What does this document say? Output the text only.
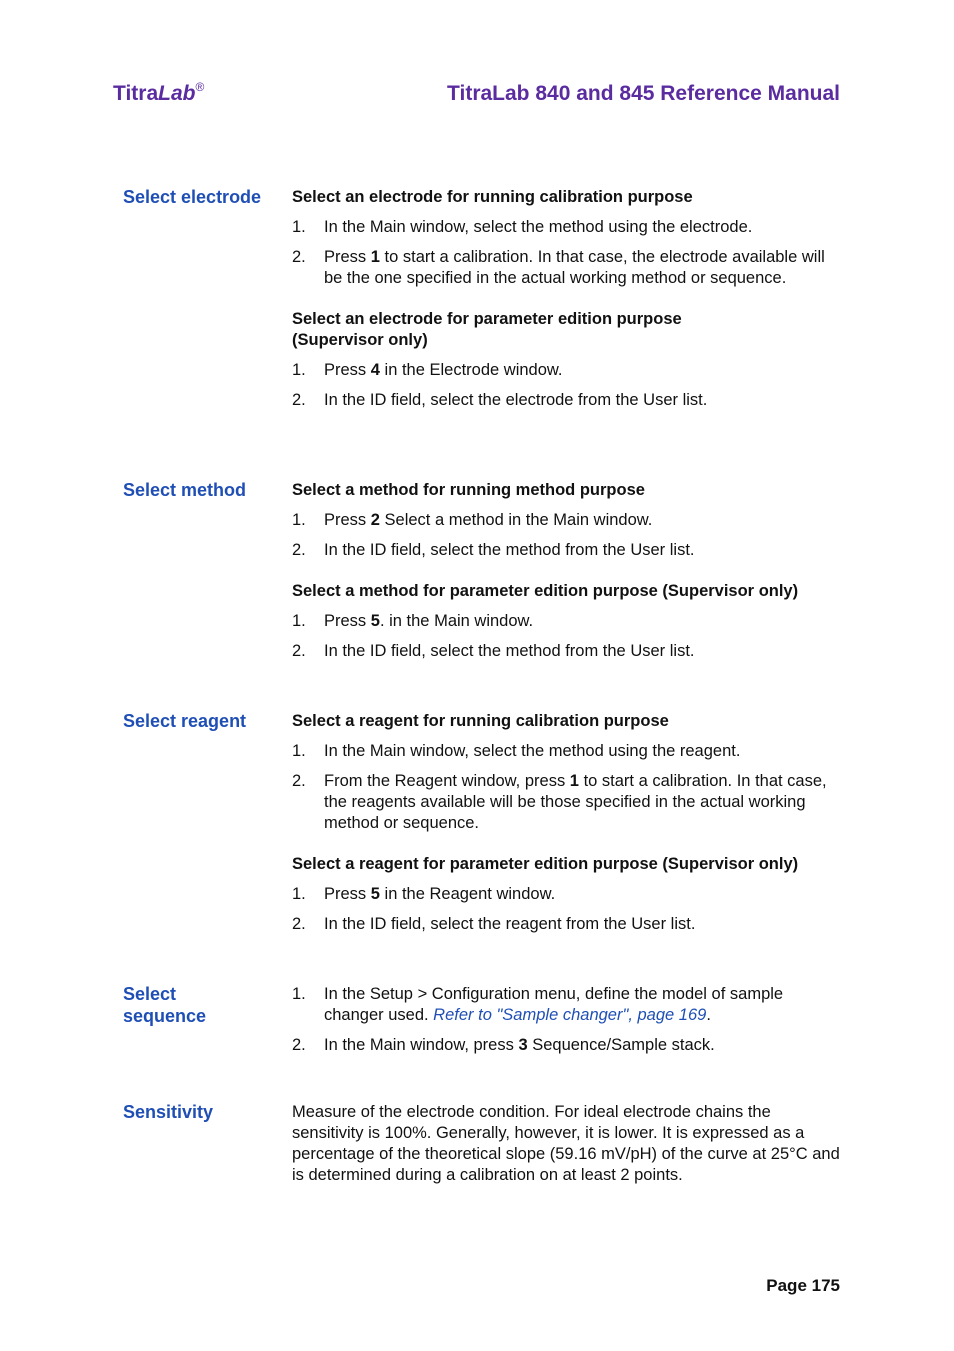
TitraLab®	TitraLab 840 and 845 Reference Manual
Select electrode	Select an electrode for running calibration purpose
1. In the Main window, select the method using the electrode.
2. Press 1 to start a calibration. In that case, the electrode available will be the one specified in the actual working method or sequence.
Select an electrode for parameter edition purpose (Supervisor only)
1. Press 4 in the Electrode window.
2. In the ID field, select the electrode from the User list.
Select method	Select a method for running method purpose
1. Press 2 Select a method in the Main window.
2. In the ID field, select the method from the User list.
Select a method for parameter edition purpose (Supervisor only)
1. Press 5. in the Main window.
2. In the ID field, select the method from the User list.
Select reagent	Select a reagent for running calibration purpose
1. In the Main window, select the method using the reagent.
2. From the Reagent window, press 1 to start a calibration. In that case, the reagents available will be those specified in the actual working method or sequence.
Select a reagent for parameter edition purpose (Supervisor only)
1. Press 5 in the Reagent window.
2. In the ID field, select the reagent from the User list.
Select
sequence
1. In the Setup > Configuration menu, define the model of sample changer used. Refer to "Sample changer", page 169.
2. In the Main window, press 3 Sequence/Sample stack.
Sensitivity	Measure of the electrode condition. For ideal electrode chains the sensitivity is 100%. Generally, however, it is lower. It is expressed as a percentage of the theoretical slope (59.16 mV/pH) of the curve at 25°C and is determined during a calibration on at least 2 points.
Page 175
